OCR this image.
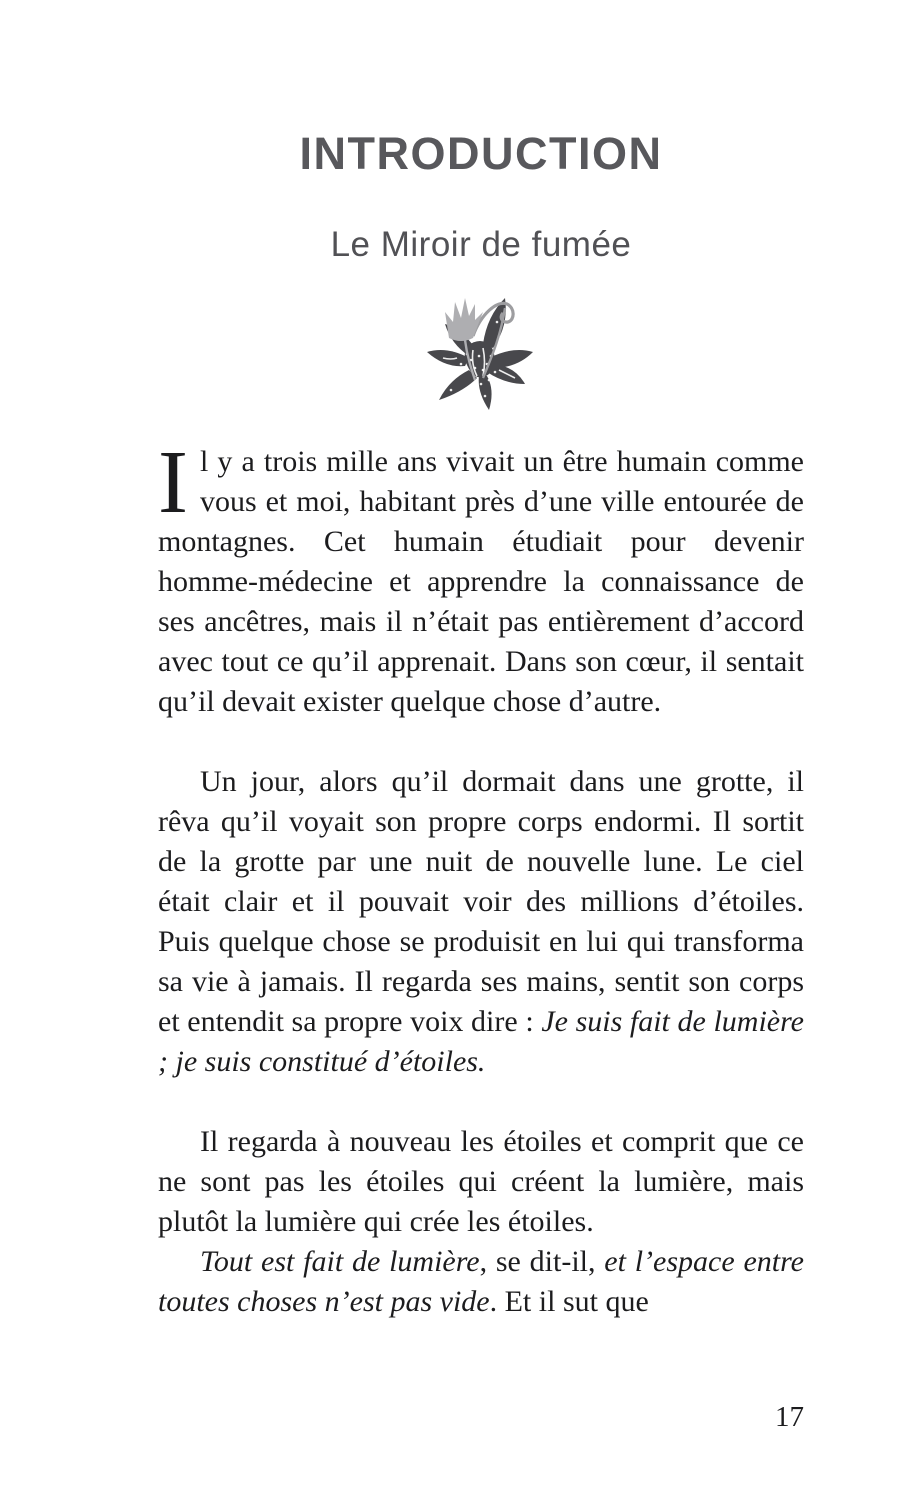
INTRODUCTION
Le Miroir de fumée

Il y a trois mille ans vivait un être humain comme vous et moi, habitant près d’une ville entourée de montagnes. Cet humain étudiait pour devenir homme-médecine et apprendre la connaissance de ses ancêtres, mais il n’était pas entièrement d’accord avec tout ce qu’il apprenait. Dans son cœur, il sentait qu’il devait exister quelque chose d’autre.

Un jour, alors qu’il dormait dans une grotte, il rêva qu’il voyait son propre corps endormi. Il sortit de la grotte par une nuit de nouvelle lune. Le ciel était clair et il pouvait voir des millions d’étoiles. Puis quelque chose se produisit en lui qui transforma sa vie à jamais. Il regarda ses mains, sentit son corps et entendit sa propre voix dire : Je suis fait de lumière ; je suis constitué d’étoiles.

Il regarda à nouveau les étoiles et comprit que ce ne sont pas les étoiles qui créent la lumière, mais plutôt la lumière qui crée les étoiles.

Tout est fait de lumière, se dit-il, et l’espace entre toutes choses n’est pas vide. Et il sut que

17
